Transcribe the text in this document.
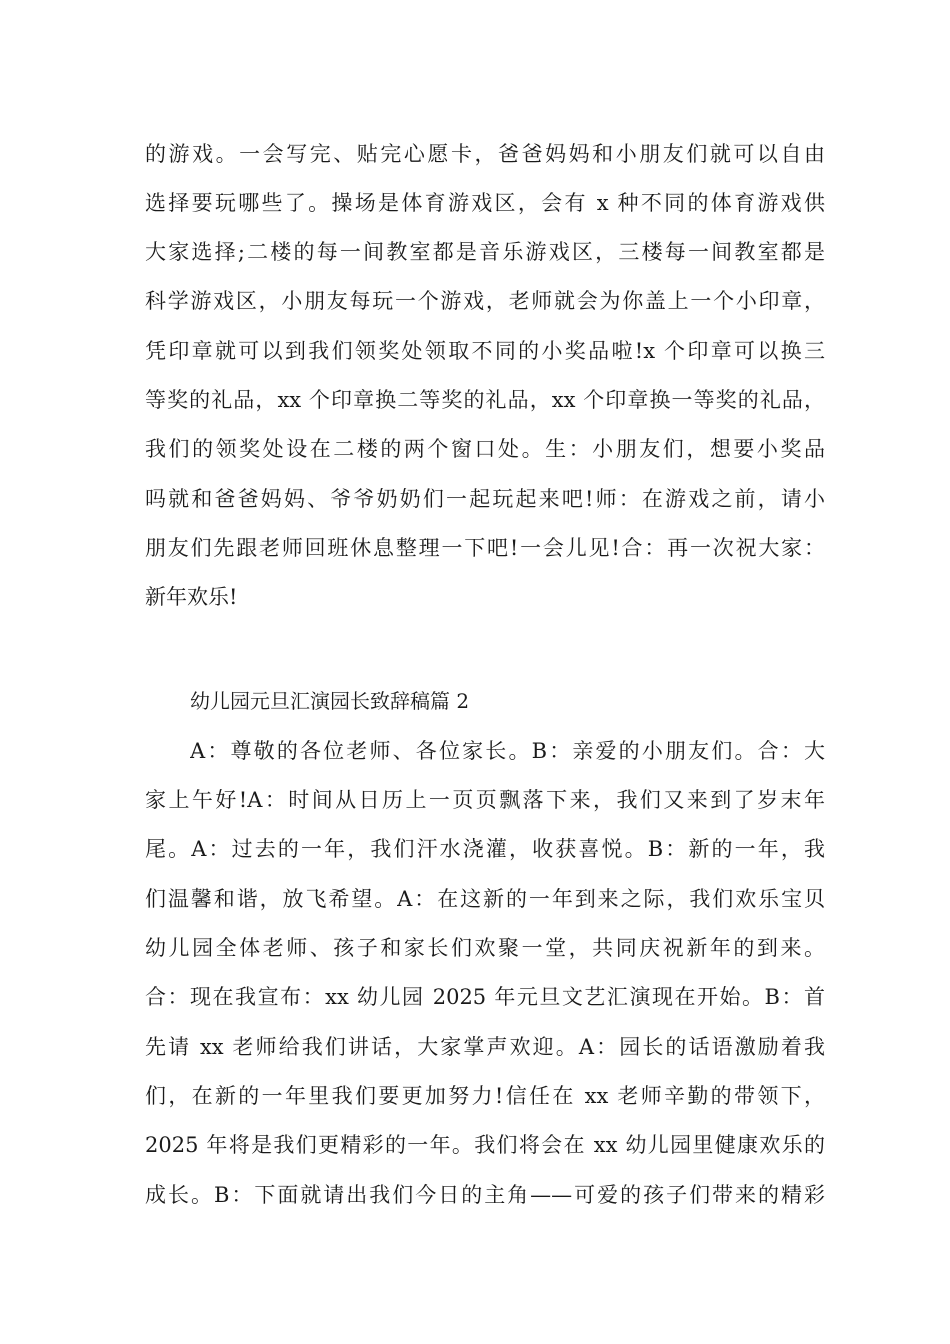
的游戏。一会写完、贴完心愿卡，爸爸妈妈和小朋友们就可以自由
选择要玩哪些了。操场是体育游戏区，会有 x 种不同的体育游戏供
大家选择;二楼的每一间教室都是音乐游戏区，三楼每一间教室都是
科学游戏区，小朋友每玩一个游戏，老师就会为你盖上一个小印章，
凭印章就可以到我们领奖处领取不同的小奖品啦!x 个印章可以换三
等奖的礼品，xx 个印章换二等奖的礼品，xx 个印章换一等奖的礼品，
我们的领奖处设在二楼的两个窗口处。生：小朋友们，想要小奖品
吗就和爸爸妈妈、爷爷奶奶们一起玩起来吧!师：在游戏之前，请小
朋友们先跟老师回班休息整理一下吧!一会儿见!合：再一次祝大家：
新年欢乐!
幼儿园元旦汇演园长致辞稿篇 2
A：尊敬的各位老师、各位家长。B：亲爱的小朋友们。合：大
家上午好!A：时间从日历上一页页飘落下来，我们又来到了岁末年
尾。A：过去的一年，我们汗水浇灌，收获喜悦。B：新的一年，我
们温馨和谐，放飞希望。A：在这新的一年到来之际，我们欢乐宝贝
幼儿园全体老师、孩子和家长们欢聚一堂，共同庆祝新年的到来。
合：现在我宣布：xx 幼儿园 2025 年元旦文艺汇演现在开始。B：首
先请 xx 老师给我们讲话，大家掌声欢迎。A：园长的话语激励着我
们，在新的一年里我们要更加努力!信任在 xx 老师辛勤的带领下，
2025 年将是我们更精彩的一年。我们将会在 xx 幼儿园里健康欢乐的
成长。B：下面就请出我们今日的主角——可爱的孩子们带来的精彩
